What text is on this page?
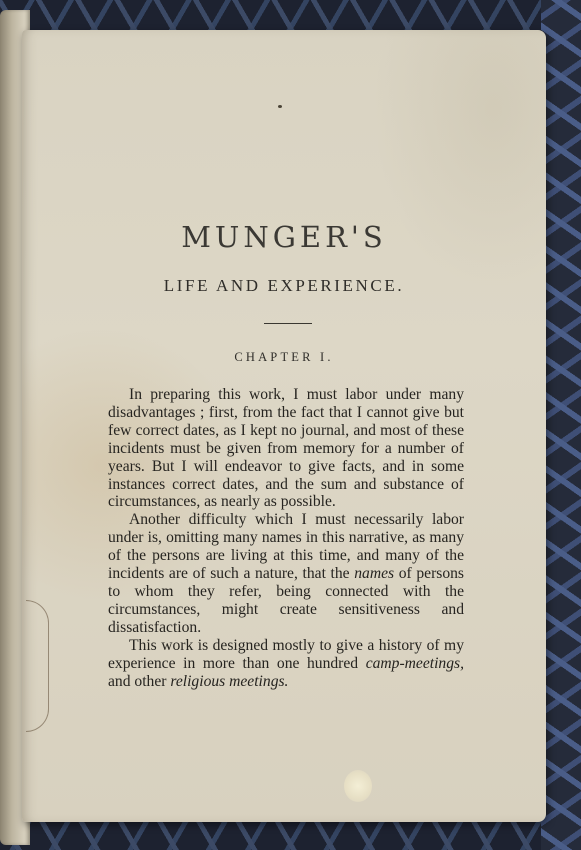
MUNGER'S
LIFE AND EXPERIENCE.
CHAPTER I.

In preparing this work, I must labor under many disadvantages ; first, from the fact that I cannot give but few correct dates, as I kept no journal, and most of these incidents must be given from memory for a number of years. But I will endeavor to give facts, and in some instances correct dates, and the sum and substance of circumstances, as nearly as possible.

Another difficulty which I must necessarily labor under is, omitting many names in this narrative, as many of the persons are living at this time, and many of the incidents are of such a nature, that the names of persons to whom they refer, being connected with the circumstances, might create sensitiveness and dissatisfaction.

This work is designed mostly to give a history of my experience in more than one hundred camp-meetings, and other religious meetings.
